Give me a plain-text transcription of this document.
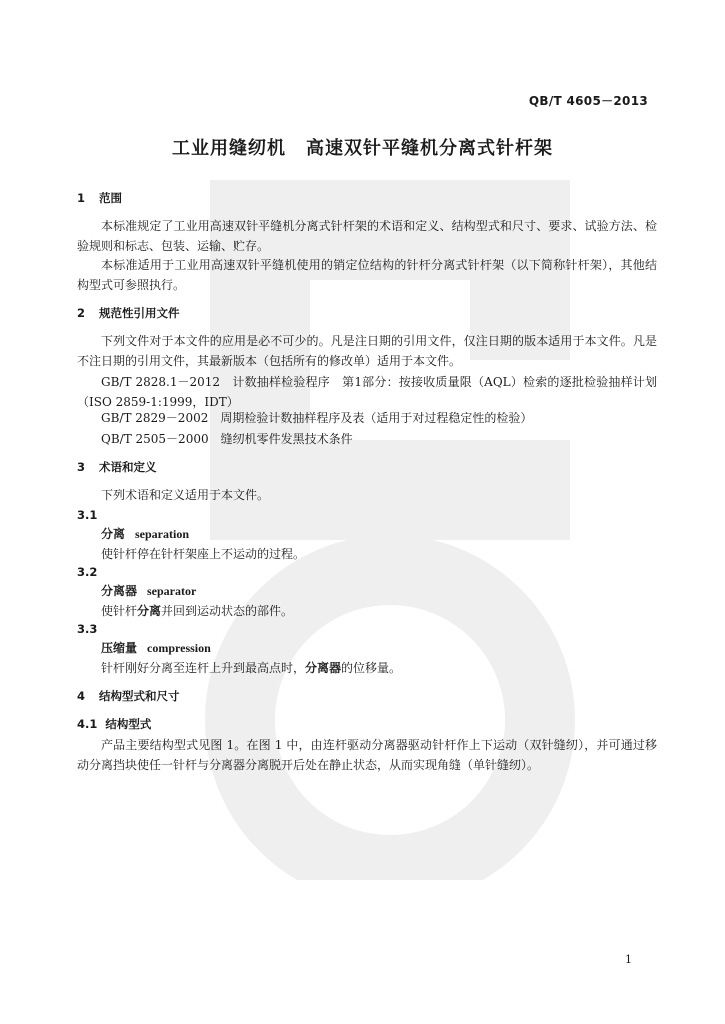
QB/T 4605－2013
工业用缝纫机 高速双针平缝机分离式针杆架
1 范围
本标准规定了工业用高速双针平缝机分离式针杆架的术语和定义、结构型式和尺寸、要求、试验方法、检验规则和标志、包装、运输、贮存。
本标准适用于工业用高速双针平缝机使用的销定位结构的针杆分离式针杆架（以下简称针杆架），其他结构型式可参照执行。
2 规范性引用文件
下列文件对于本文件的应用是必不可少的。凡是注日期的引用文件，仅注日期的版本适用于本文件。凡是不注日期的引用文件，其最新版本（包括所有的修改单）适用于本文件。
GB/T 2828.1－2012　计数抽样检验程序　第1部分：按接收质量限（AQL）检索的逐批检验抽样计划（ISO 2859-1:1999，IDT）
GB/T 2829－2002　周期检验计数抽样程序及表（适用于对过程稳定性的检验）
QB/T 2505－2000　缝纫机零件发黑技术条件
3 术语和定义
下列术语和定义适用于本文件。
3.1
分离 separation
使针杆停在针杆架座上不运动的过程。
3.2
分离器 separator
使针杆分离并回到运动状态的部件。
3.3
压缩量 compression
针杆刚好分离至连杆上升到最高点时，分离器的位移量。
4 结构型式和尺寸
4.1 结构型式
产品主要结构型式见图 1。在图 1 中，由连杆驱动分离器驱动针杆作上下运动（双针缝纫），并可通过移动分离挡块使任一针杆与分离器分离脱开后处在静止状态，从而实现角缝（单针缝纫）。
1
